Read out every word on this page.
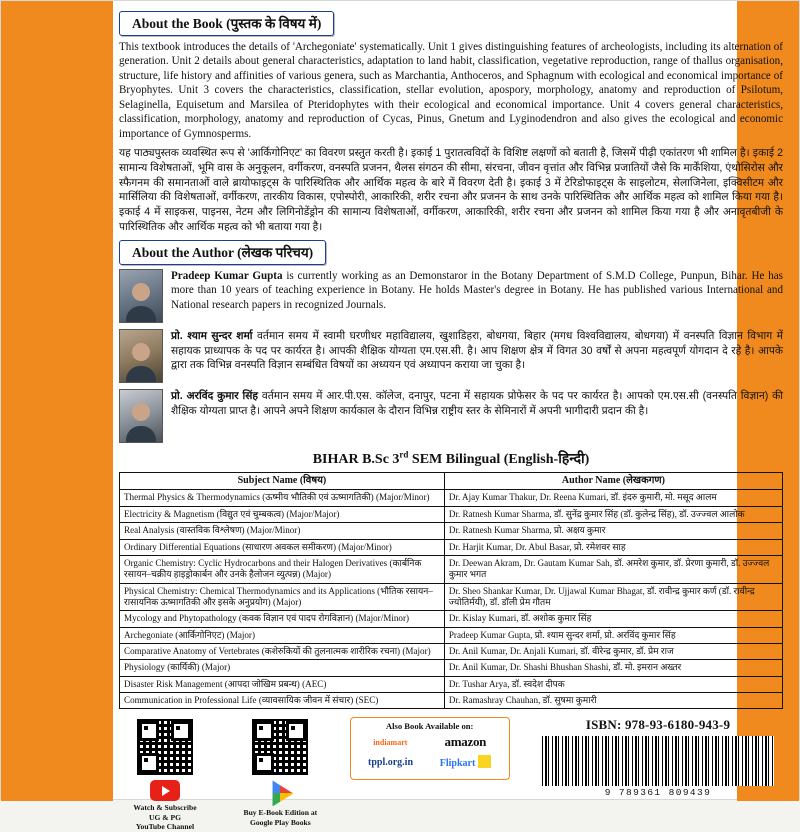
About the Book (पुस्तक के विषय में)

This textbook introduces the details of 'Archegoniate' systematically. Unit 1 gives distinguishing features of archeologists, including its alternation of generation. Unit 2 details about general characteristics, adaptation to land habit, classification, vegetative reproduction, range of thallus organisation, structure, life history and affinities of various genera, such as Marchantia, Anthoceros, and Sphagnum with ecological and economical importance of Bryophytes. Unit 3 covers the characteristics, classification, stellar evolution, apospory, morphology, anatomy and reproduction of Psilotum, Selaginella, Equisetum and Marsilea of Pteridophytes with their ecological and economical importance. Unit 4 covers general characteristics, classification, morphology, anatomy and reproduction of Cycas, Pinus, Gnetum and Lyginodendron and also gives the ecological and economic importance of Gymnosperms.

यह पाठ्यपुस्तक व्यवस्थित रूप से 'आर्किगोनिएट' का विवरण प्रस्तुत करती है। इकाई 1 पुरातत्वविदों के विशिष्ट लक्षणों को बताती है, जिसमें पीढ़ी एकांतरण भी शामिल है। इकाई 2 सामान्य विशेषताओं, भूमि वास के अनुकूलन, वर्गीकरण, वनस्पति प्रजनन, थैलस संगठन की सीमा, संरचना, जीवन वृत्तांत और विभिन्न प्रजातियों जैसे कि मार्केंशिया, एंथोसिरोस और स्फैगनम की समानताओं वाले ब्रायोफाइट्स के पारिस्थितिक और आर्थिक महत्व के बारे में विवरण देती है। इकाई 3 में टेरिडोफाइट्स के साइलोटम, सेलाजिनेला, इक्विसीटम और मार्सिलिया की विशेषताओं, वर्गीकरण, तारकीय विकास, एपोस्पोरी, आकारिकी, शरीर रचना और प्रजनन के साथ उनके पारिस्थितिक और आर्थिक महत्व को शामिल किया गया है। इकाई 4 में साइकस, पाइनस, नेटम और लिगिनोडेंड्रोन की सामान्य विशेषताओं, वर्गीकरण, आकारिकी, शरीर रचना और प्रजनन को शामिल किया गया है और अनावृतबीजी के पारिस्थितिक और आर्थिक महत्व को भी बताया गया है।

About the Author (लेखक परिचय)
Pradeep Kumar Gupta is currently working as an Demonstaror in the Botany Department of S.M.D College, Punpun, Bihar. He has more than 10 years of teaching experience in Botany. He holds Master's degree in Botany. He has published various International and National research papers in recognized Journals.
प्रो. श्याम सुन्दर शर्मा वर्तमान समय में स्वामी घरणीधर महाविद्यालय, खुशाडिहरा, बोधगया, बिहार (मगध विश्वविद्यालय, बोधगया) में वनस्पति विज्ञान विभाग में सहायक प्राध्यापक के पद पर कार्यरत है। आपकी शैक्षिक योग्यता एम.एस.सी. है। आप शिक्षण क्षेत्र में विगत 30 वर्षों से अपना महत्वपूर्ण योगदान दे रहे है। आपके द्वारा तक विभिन्न वनस्पति विज्ञान सम्बंधित विषयों का अध्ययन एवं अध्यापन कराया जा चुका है।
प्रो. अरविंद कुमार सिंह वर्तमान समय में आर.पी.एस. कॉलेज, दनापुर, पटना में सहायक प्रोफेसर के पद पर कार्यरत है। आपको एम.एस.सी (वनस्पति विज्ञान) की शैक्षिक योग्यता प्राप्त है। आपने अपने शिक्षण कार्यकाल के दौरान विभिन्न राष्ट्रीय स्तर के सेमिनारों में अपनी भागीदारी प्रदान की है।
BIHAR B.Sc 3rd SEM Bilingual (English-हिन्दी)
Subject Name (विषय)	Author Name (लेखकगण)
Thermal Physics & Thermodynamics (ऊष्मीय भौतिकी एवं ऊष्मागतिकी) (Major/Minor)	Dr. Ajay Kumar Thakur, Dr. Reena Kumari, डॉ. इंदरु कुमारी, मो. मसूद आलम
Electricity & Magnetism (विद्युत एवं चुम्बकत्व) (Major/Major)	Dr. Ratnesh Kumar Sharma, डॉ. सुनेंद्र कुमार सिंह (डॉ. कुलेन्द्र सिंह), डॉ. उज्ज्वल आलोक
Real Analysis (वास्तविक विश्लेषण) (Major/Minor)	Dr. Ratnesh Kumar Sharma, प्रो. अक्षय कुमार
Ordinary Differential Equations (साधारण अवकल समीकरण) (Major/Minor)	Dr. Harjit Kumar, Dr. Abul Basar, प्रो. रमेशवर साह
Organic Chemistry: Cyclic Hydrocarbons and their Halogen Derivatives (कार्बनिक रसायन–चक्रीय हाइड्रोकार्बन और उनके हैलोजन व्युत्पन्न) (Major)	Dr. Deewan Akram, Dr. Gautam Kumar Sah, डॉ. अमरेश कुमार, डॉ. प्रेरणा कुमारी, डॉ. उज्ज्वल कुमार भगत
Physical Chemistry: Chemical Thermodynamics and its Applications (भौतिक रसायन–रासायनिक ऊष्मागतिकी और इसके अनुप्रयोग) (Major)	Dr. Sheo Shankar Kumar, Dr. Ujjawal Kumar Bhagat, डॉ. रावीन्द्र कुमार कर्ण (डॉ. रावीन्द्र ज्योतिर्मयी), डॉ. डॉली प्रेम गौतम
Mycology and Phytopathology (कवक विज्ञान एवं पादप रोगविज्ञान) (Major/Minor)	Dr. Kislay Kumari, डॉ. अशोक कुमार सिंह
Archegoniate (आर्किगोनिएट) (Major)	Pradeep Kumar Gupta, प्रो. श्याम सुन्दर शर्मा, प्रो. अरविंद कुमार सिंह
Comparative Anatomy of Vertebrates (कशेरुकियों की तुलनात्मक शारीरिक रचना) (Major)	Dr. Anil Kumar, Dr. Anjali Kumari, डॉ. वीरेन्द्र कुमार, डॉ. प्रेम राज
Physiology (कार्यिकी) (Major)	Dr. Anil Kumar, Dr. Shashi Bhushan Shashi, डॉ. मो. इमरान अख्तर
Disaster Risk Management (आपदा जोखिम प्रबन्ध) (AEC)	Dr. Tushar Arya, डॉ. स्वदेश दीपक
Communication in Professional Life (व्यावसायिक जीवन में संचार) (SEC)	Dr. Ramashray Chauhan, डॉ. सुषमा कुमारी
Watch & Subscribe
UG & PG
YouTube Channel
Buy E-Book Edition at
Google Play Books
Also Book Available on:
indiamart	amazon
tppl.org.in	Flipkart
ISBN: 978-93-6180-943-9
9 789361 809439
